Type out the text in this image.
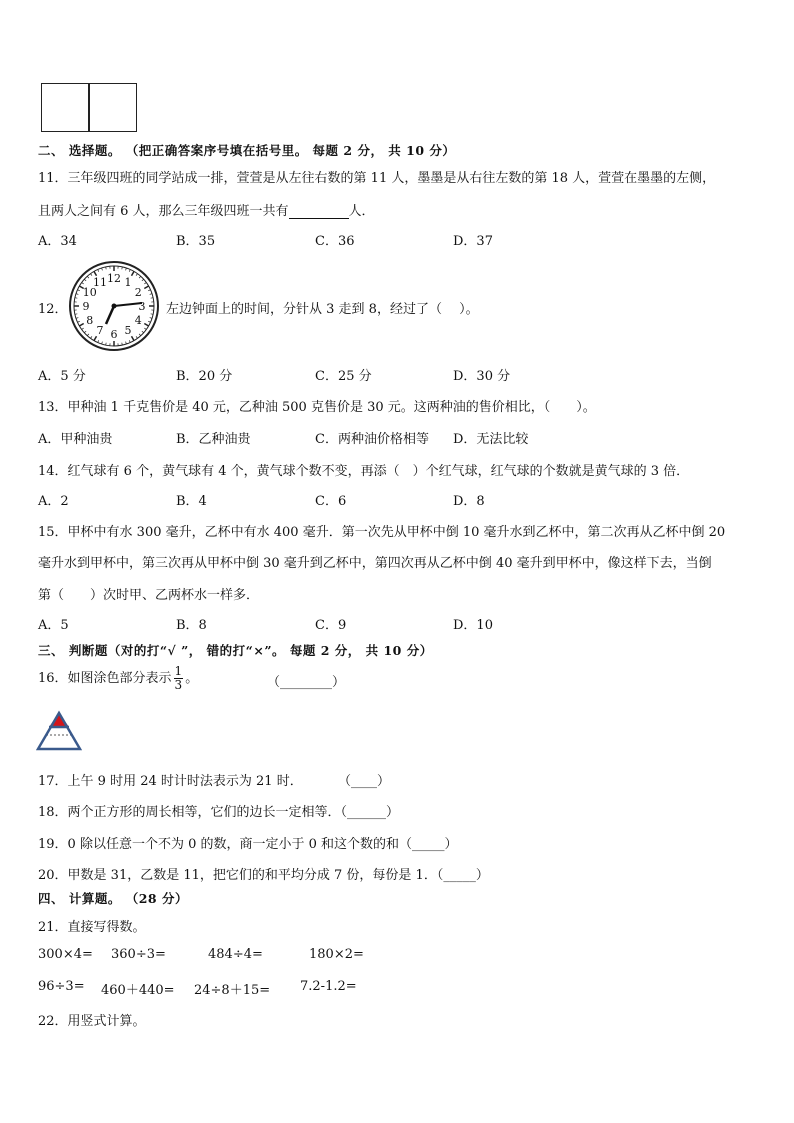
二、 选择题。 （把正确答案序号填在括号里。 每题 2 分， 共 10 分）
11．三年级四班的同学站成一排，萱萱是从左往右数的第 11 人，墨墨是从右往左数的第 18 人，萱萱在墨墨的左侧，
且两人之间有 6 人，那么三年级四班一共有	人．
A．34	B．35	C．36	D．37
12．
12 1
2
3
4
5
6
7
8
9
10
11
左边钟面上的时间，分针从 3 走到 8，经过了（　 ）。
A．5 分	B．20 分	C．25 分	D．30 分
13．甲种油 1 千克售价是 40 元，乙种油 500 克售价是 30 元。这两种油的售价相比，（　　）。
A．甲种油贵	B．乙种油贵	C．两种油价格相等 D．无法比较
14．红气球有 6 个，黄气球有 4 个，黄气球个数不变，再添（　）个红气球，红气球的个数就是黄气球的 3 倍．
A．2	B．4	C．6	D．8
15．甲杯中有水 300 毫升，乙杯中有水 400 毫升．第一次先从甲杯中倒 10 毫升水到乙杯中，第二次再从乙杯中倒 20
毫升水到甲杯中，第三次再从甲杯中倒 30 毫升到乙杯中，第四次再从乙杯中倒 40 毫升到甲杯中，像这样下去，当倒
第（　　）次时甲、乙两杯水一样多．
A．5	B．8	C．9	D．10
三、 判断题（对的打“√ ”， 错的打“×”。 每题 2 分， 共 10 分）
16．如图涂色部分表示 $\frac{1}{3}$ 。	（________）
17．上午 9 时用 24 时计时法表示为 21 时．	（____）
18．两个正方形的周长相等，它们的边长一定相等．（______）
19．0 除以任意一个不为 0 的数，商一定小于 0 和这个数的和（_____）
20．甲数是 31，乙数是 11，把它们的和平均分成 7 份，每份是 1．（_____）
四、 计算题。 （28 分）
21．直接写得数。
300×4= 360÷3=	484÷4=	180×2=
96÷3= 460＋440= 24÷8＋15= 7.2-1.2=
22．用竖式计算。
